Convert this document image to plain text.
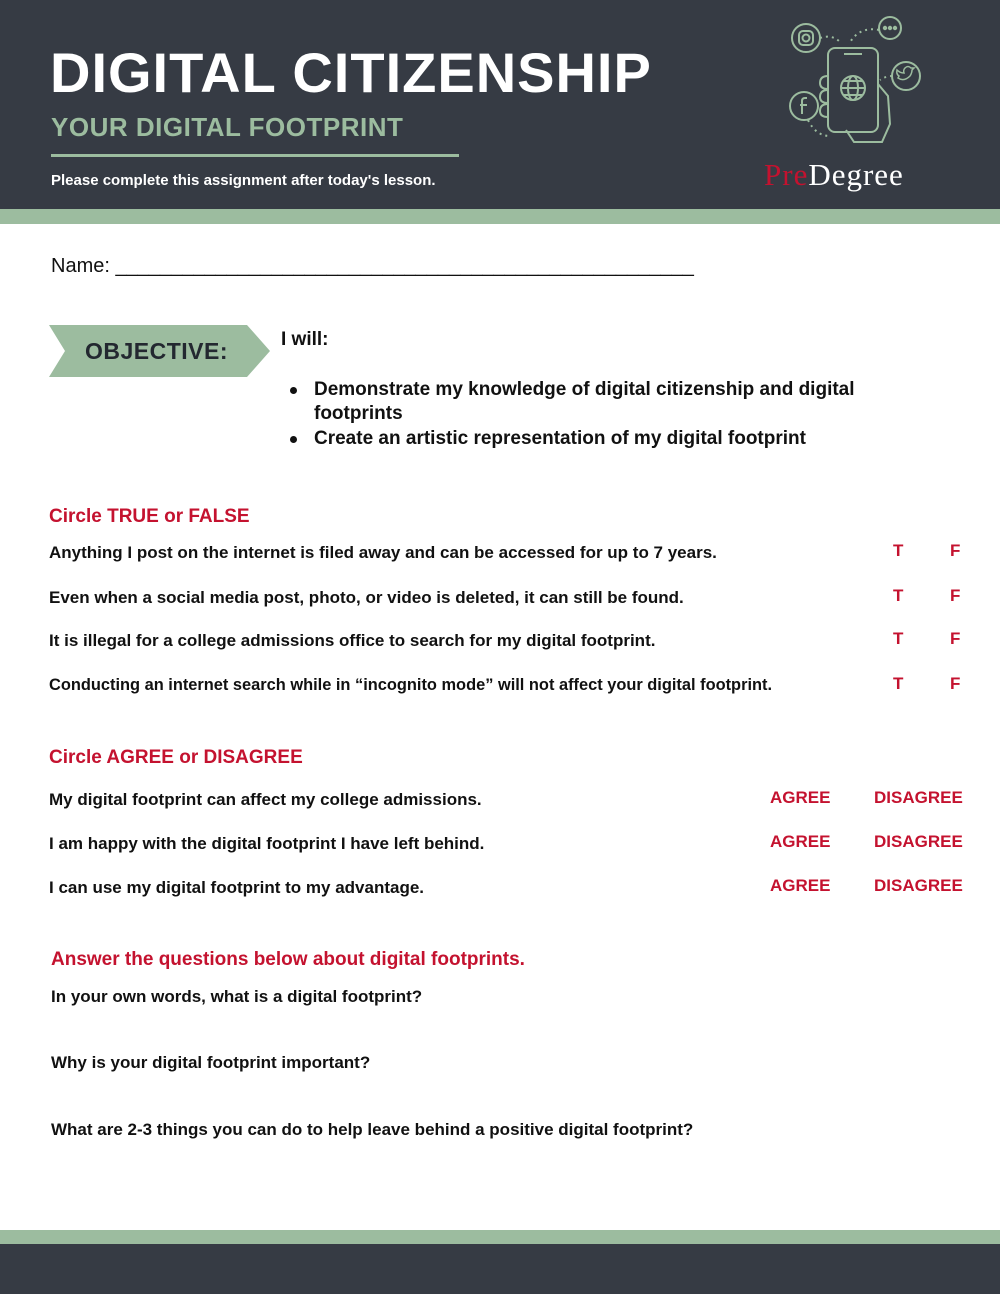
DIGITAL CITIZENSHIP
YOUR DIGITAL FOOTPRINT
Please complete this assignment after today's lesson.	PreDegree
Name: ____________________________________________________
OBJECTIVE:	I will:
Demonstrate my knowledge of digital citizenship and digital footprints
Create an artistic representation of my digital footprint
Circle TRUE or FALSE
Anything I post on the internet is filed away and can be accessed for up to 7 years.	T	F
Even when a social media post, photo, or video is deleted, it can still be found.	T	F
It is illegal for a college admissions office to search for my digital footprint.	T	F
Conducting an internet search while in “incognito mode” will not affect your digital footprint.	T	F
Circle AGREE or DISAGREE
My digital footprint can affect my college admissions.	AGREE	DISAGREE
I am happy with the digital footprint I have left behind.	AGREE	DISAGREE
I can use my digital footprint to my advantage.	AGREE	DISAGREE
Answer the questions below about digital footprints.
In your own words, what is a digital footprint?
Why is your digital footprint important?
What are 2-3 things you can do to help leave behind a positive digital footprint?
